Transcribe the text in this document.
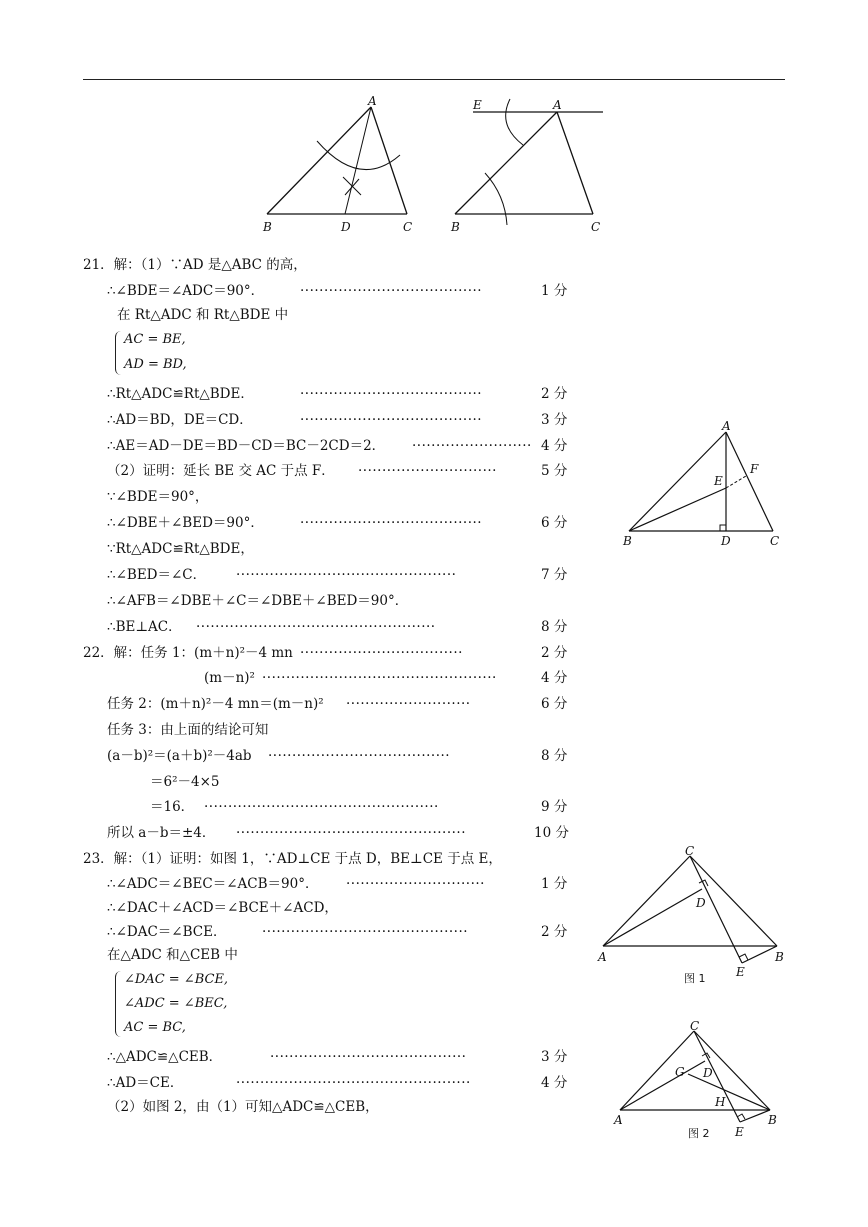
A
B	D	C
E	A
B	C
A
E
F
B	D	C
C
D
A	B
E
图 1
C
G D
H
A	B
E
图 2
21．解：（1）∵AD 是△ABC 的高，
∴∠BDE＝∠ADC＝90°．	······································	1 分
在 Rt△ADC 和 Rt△BDE 中
AC = BE,
AD = BD,
∴Rt△ADC≌Rt△BDE．	······································	2 分
∴AD＝BD，DE＝CD．	······································	3 分
∴AE＝AD－DE＝BD－CD＝BC－2CD＝2． ························· 4 分
（2）证明：延长 BE 交 AC 于点 F． ·····························	5 分
∵∠BDE＝90°，
∴∠DBE＋∠BED＝90°．	······································	6 分
∵Rt△ADC≌Rt△BDE，
∴∠BED＝∠C． ··············································	7 分
∴∠AFB＝∠DBE＋∠C＝∠DBE＋∠BED＝90°．
∴BE⊥AC． ··················································	8 分
22．解：任务 1：(m＋n)²－4 mn ··································	2 分
(m－n)² ·················································	4 分
任务 2：(m＋n)²－4 mn＝(m－n)² ··························	6 分
任务 3：由上面的结论可知
(a－b)²＝(a＋b)²－4ab ······································	8 分
＝6²－4×5
＝16． ·················································	9 分
所以 a－b＝±4． ················································	10 分
23．解：（1）证明：如图 1，∵AD⊥CE 于点 D，BE⊥CE 于点 E，
∴∠ADC＝∠BEC＝∠ACB＝90°． ·····························	1 分
∴∠DAC＋∠ACD＝∠BCE＋∠ACD，
∴∠DAC＝∠BCE．	···········································	2 分
在△ADC 和△CEB 中
∠DAC = ∠BCE,
∠ADC = ∠BEC,
AC = BC,
∴△ADC≌△CEB．	·········································	3 分
∴AD＝CE．	·················································	4 分
（2）如图 2，由（1）可知△ADC≌△CEB，
